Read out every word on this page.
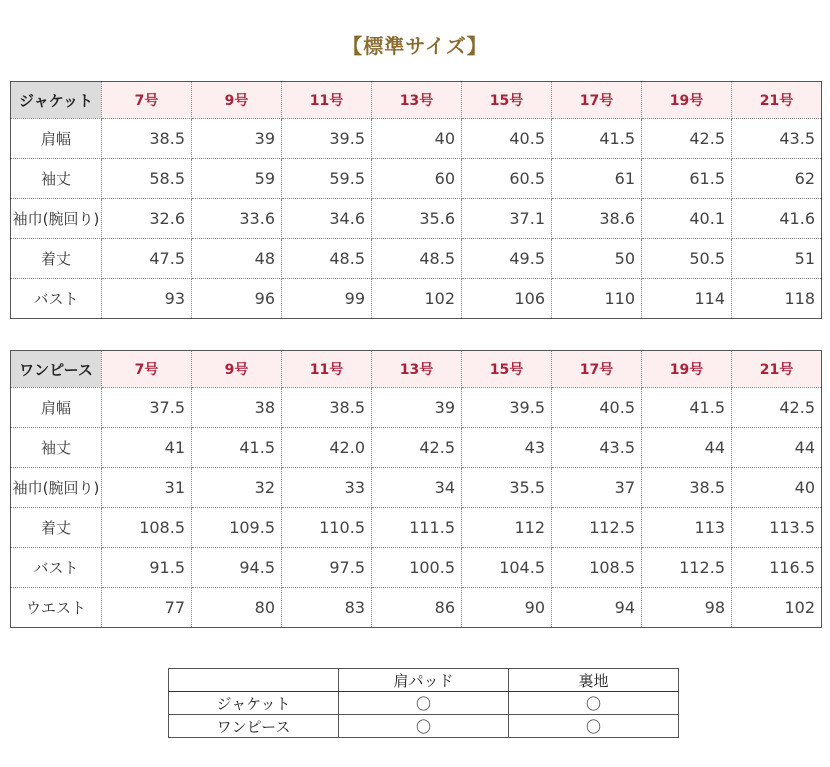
【標準サイズ】
ジャケット	7号	9号	11号	13号	15号	17号	19号	21号
肩幅	38.5	39	39.5	40	40.5	41.5	42.5	43.5
袖丈	58.5	59	59.5	60	60.5	61	61.5	62
袖巾(腕回り)	32.6	33.6	34.6	35.6	37.1	38.6	40.1	41.6
着丈	47.5	48	48.5	48.5	49.5	50	50.5	51
バスト	93	96	99	102	106	110	114	118
ワンピース	7号	9号	11号	13号	15号	17号	19号	21号
肩幅	37.5	38	38.5	39	39.5	40.5	41.5	42.5
袖丈	41	41.5	42.0	42.5	43	43.5	44	44
袖巾(腕回り)	31	32	33	34	35.5	37	38.5	40
着丈	108.5	109.5	110.5	111.5	112	112.5	113	113.5
バスト	91.5	94.5	97.5	100.5	104.5	108.5	112.5	116.5
ウエスト	77	80	83	86	90	94	98	102
	肩パッド	裏地
ジャケット	〇	〇
ワンピース	〇	〇
